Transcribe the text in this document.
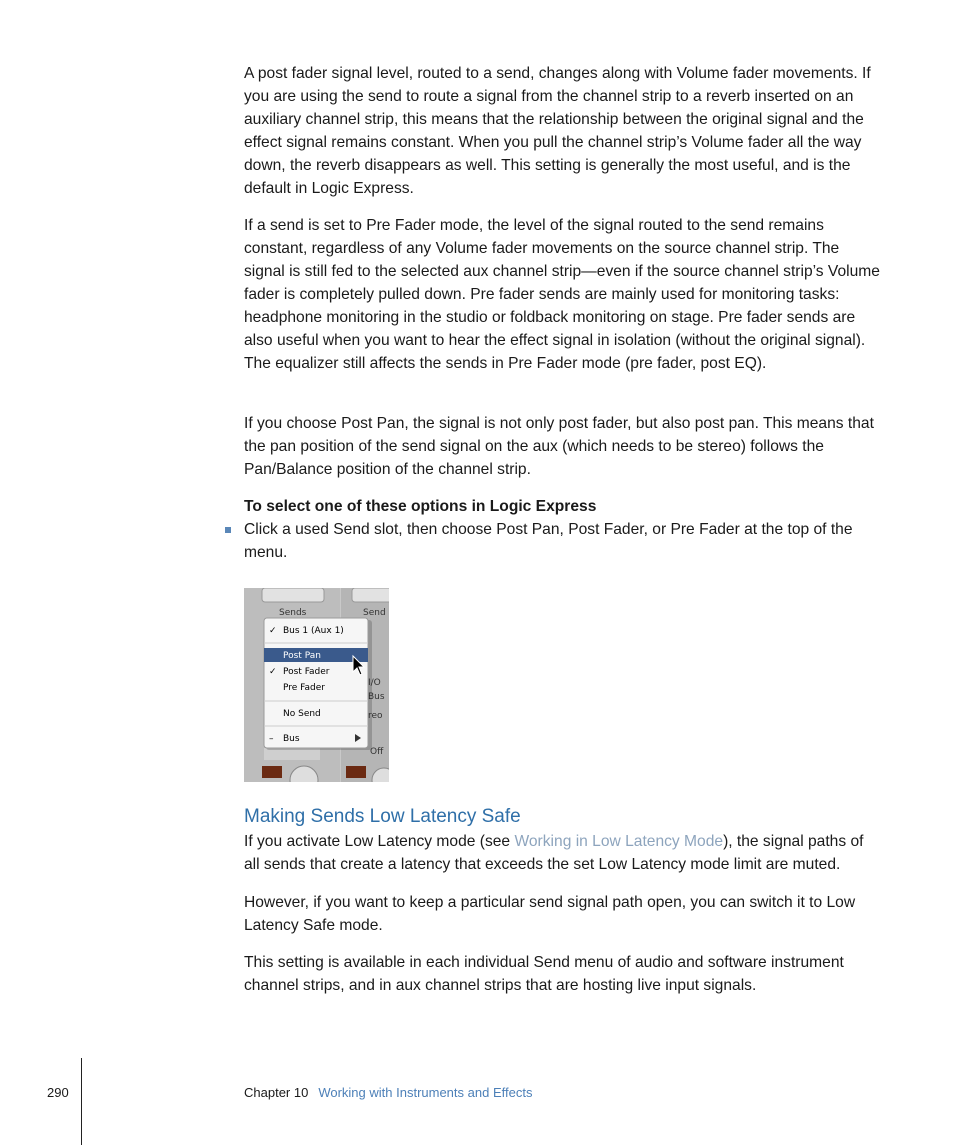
A post fader signal level, routed to a send, changes along with Volume fader movements. If you are using the send to route a signal from the channel strip to a reverb inserted on an auxiliary channel strip, this means that the relationship between the original signal and the effect signal remains constant. When you pull the channel strip’s Volume fader all the way down, the reverb disappears as well. This setting is generally the most useful, and is the default in Logic Express.

If a send is set to Pre Fader mode, the level of the signal routed to the send remains constant, regardless of any Volume fader movements on the source channel strip. The signal is still fed to the selected aux channel strip—even if the source channel strip’s Volume fader is completely pulled down. Pre fader sends are mainly used for monitoring tasks: headphone monitoring in the studio or foldback monitoring on stage. Pre fader sends are also useful when you want to hear the effect signal in isolation (without the original signal). The equalizer still affects the sends in Pre Fader mode (pre fader, post EQ).

If you choose Post Pan, the signal is not only post fader, but also post pan. This means that the pan position of the send signal on the aux (which needs to be stereo) follows the Pan/Balance position of the channel strip.

To select one of these options in Logic Express
Click a used Send slot, then choose Post Pan, Post Fader, or Pre Fader at the top of the menu.
Sends	Send
I/O
Bus
reo
Off
✓ Bus 1 (Aux 1)
Post Pan
✓ Post Fader
Pre Fader
No Send
– Bus
Making Sends Low Latency Safe

If you activate Low Latency mode (see Working in Low Latency Mode), the signal paths of all sends that create a latency that exceeds the set Low Latency mode limit are muted.

However, if you want to keep a particular send signal path open, you can switch it to Low Latency Safe mode.

This setting is available in each individual Send menu of audio and software instrument channel strips, and in aux channel strips that are hosting live input signals.

290	Chapter 10 Working with Instruments and Effects
